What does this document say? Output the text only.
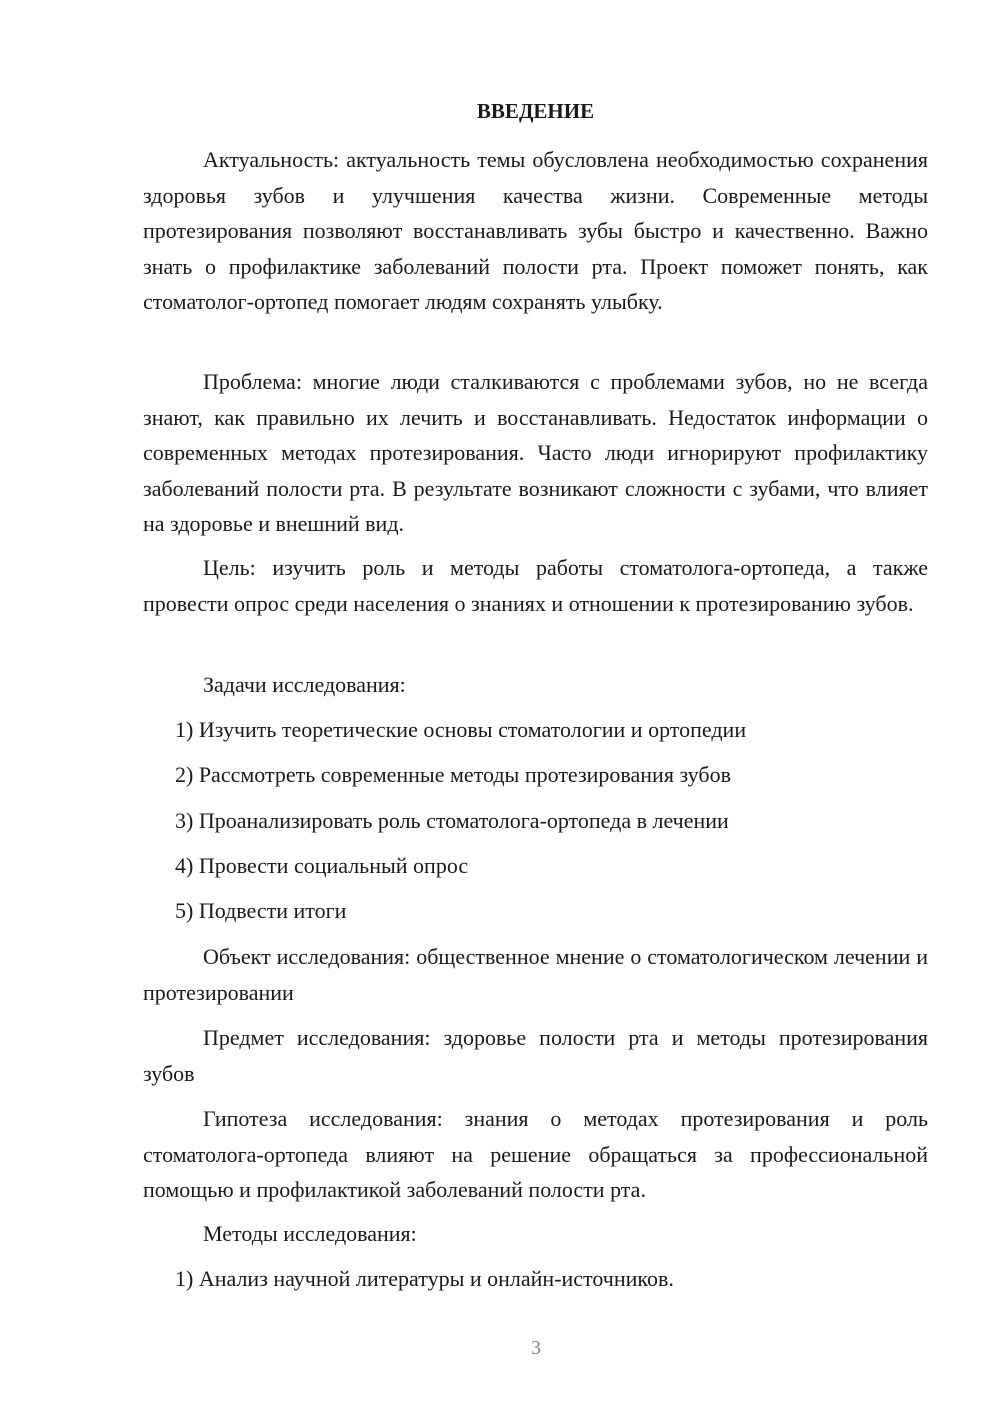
ВВЕДЕНИЕ

Актуальность: актуальность темы обусловлена необходимостью сохранения здоровья зубов и улучшения качества жизни. Современные методы протезирования позволяют восстанавливать зубы быстро и качественно. Важно знать о профилактике заболеваний полости рта. Проект поможет понять, как стоматолог-ортопед помогает людям сохранять улыбку.

Проблема: многие люди сталкиваются с проблемами зубов, но не всегда знают, как правильно их лечить и восстанавливать. Недостаток информации о современных методах протезирования. Часто люди игнорируют профилактику заболеваний полости рта. В результате возникают сложности с зубами, что влияет на здоровье и внешний вид.

Цель: изучить роль и методы работы стоматолога-ортопеда, а также провести опрос среди населения о знаниях и отношении к протезированию зубов.

Задачи исследования:

1) Изучить теоретические основы стоматологии и ортопедии

2) Рассмотреть современные методы протезирования зубов

3) Проанализировать роль стоматолога-ортопеда в лечении

4) Провести социальный опрос

5) Подвести итоги

Объект исследования: общественное мнение о стоматологическом лечении и протезировании

Предмет исследования: здоровье полости рта и методы протезирования зубов

Гипотеза исследования: знания о методах протезирования и роль стоматолога-ортопеда влияют на решение обращаться за профессиональной помощью и профилактикой заболеваний полости рта.

Методы исследования:

1) Анализ научной литературы и онлайн-источников.

3
